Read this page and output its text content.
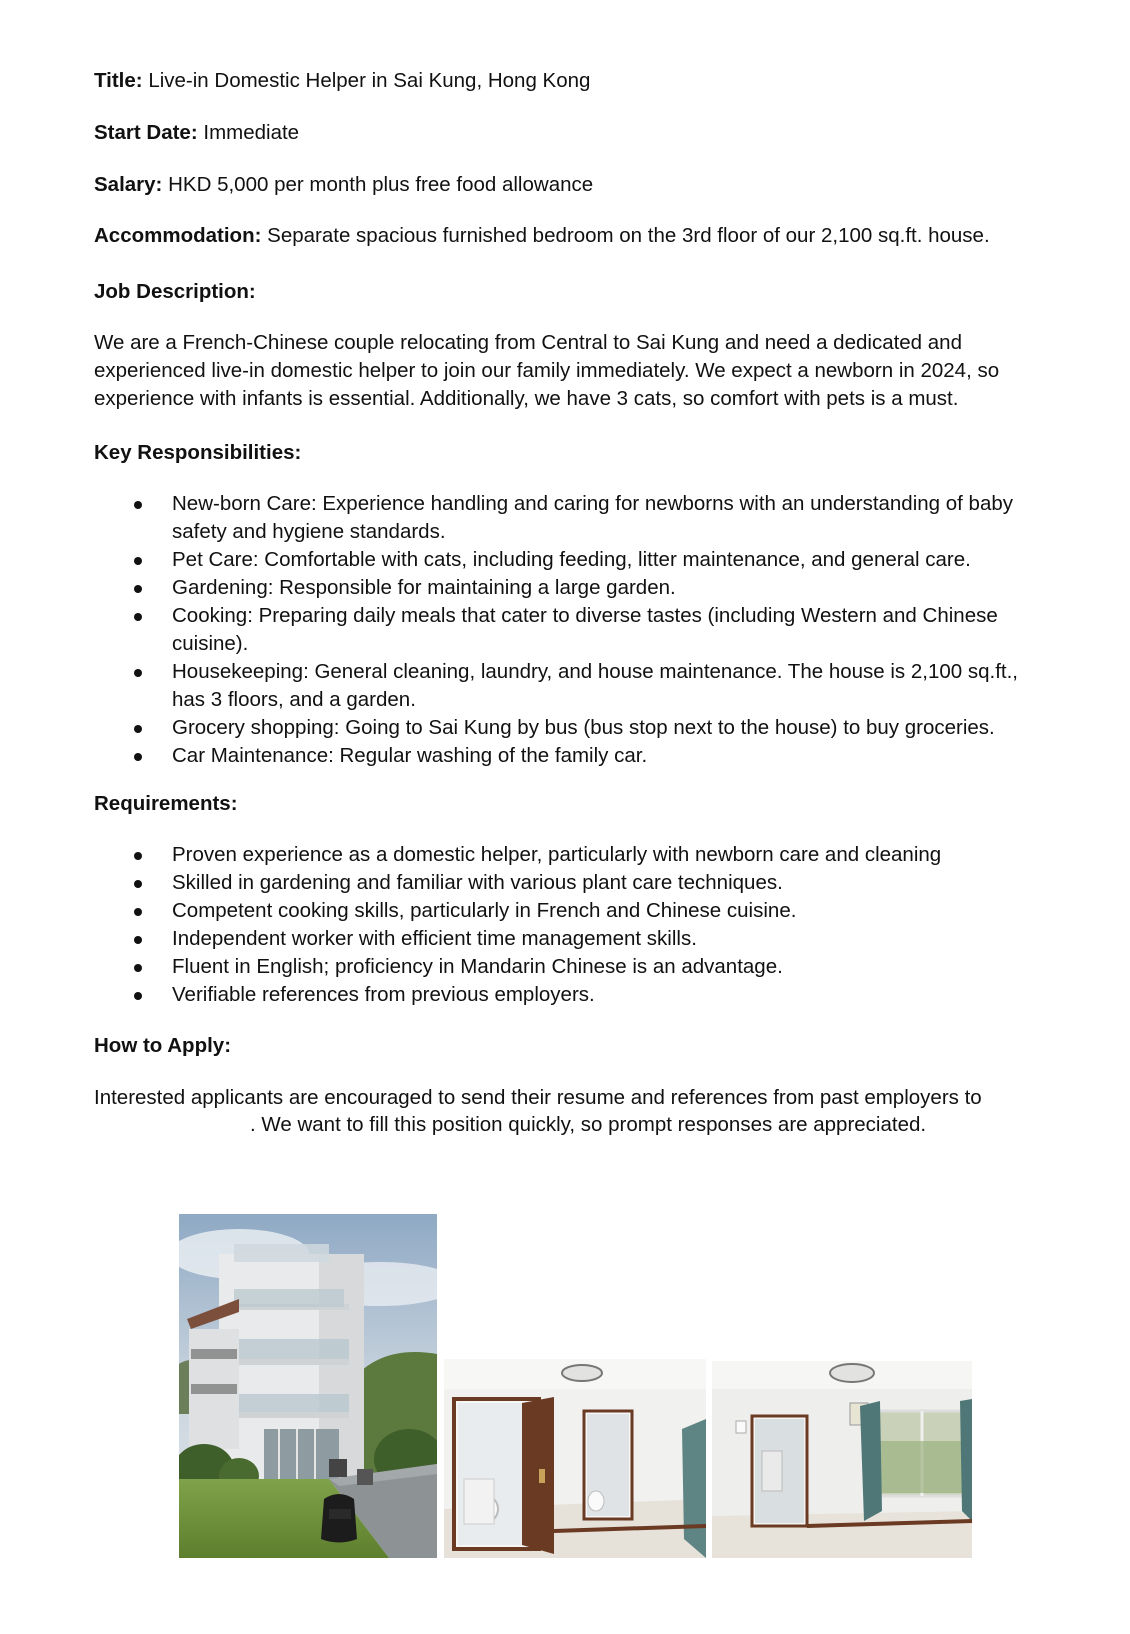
Title: Live-in Domestic Helper in Sai Kung, Hong Kong
Start Date: Immediate
Salary: HKD 5,000 per month plus free food allowance
Accommodation: Separate spacious furnished bedroom on the 3rd floor of our 2,100 sq.ft. house.
Job Description:

We are a French-Chinese couple relocating from Central to Sai Kung and need a dedicated and

experienced live-in domestic helper to join our family immediately. We expect a newborn in 2024, so

experience with infants is essential. Additionally, we have 3 cats, so comfort with pets is a must.

Key Responsibilities:
New-born Care: Experience handling and caring for newborns with an understanding of baby
safety and hygiene standards.
Pet Care: Comfortable with cats, including feeding, litter maintenance, and general care.
Gardening: Responsible for maintaining a large garden.
Cooking: Preparing daily meals that cater to diverse tastes (including Western and Chinese
cuisine).
Housekeeping: General cleaning, laundry, and house maintenance. The house is 2,100 sq.ft.,
has 3 floors, and a garden.
Grocery shopping: Going to Sai Kung by bus (bus stop next to the house) to buy groceries.
Car Maintenance: Regular washing of the family car.
Requirements:
Proven experience as a domestic helper, particularly with newborn care and cleaning
Skilled in gardening and familiar with various plant care techniques.
Competent cooking skills, particularly in French and Chinese cuisine.
Independent worker with efficient time management skills.
Fluent in English; proficiency in Mandarin Chinese is an advantage.
Verifiable references from previous employers.
How to Apply:
Interested applicants are encouraged to send their resume and references from past employers to
. We want to fill this position quickly, so prompt responses are appreciated.
